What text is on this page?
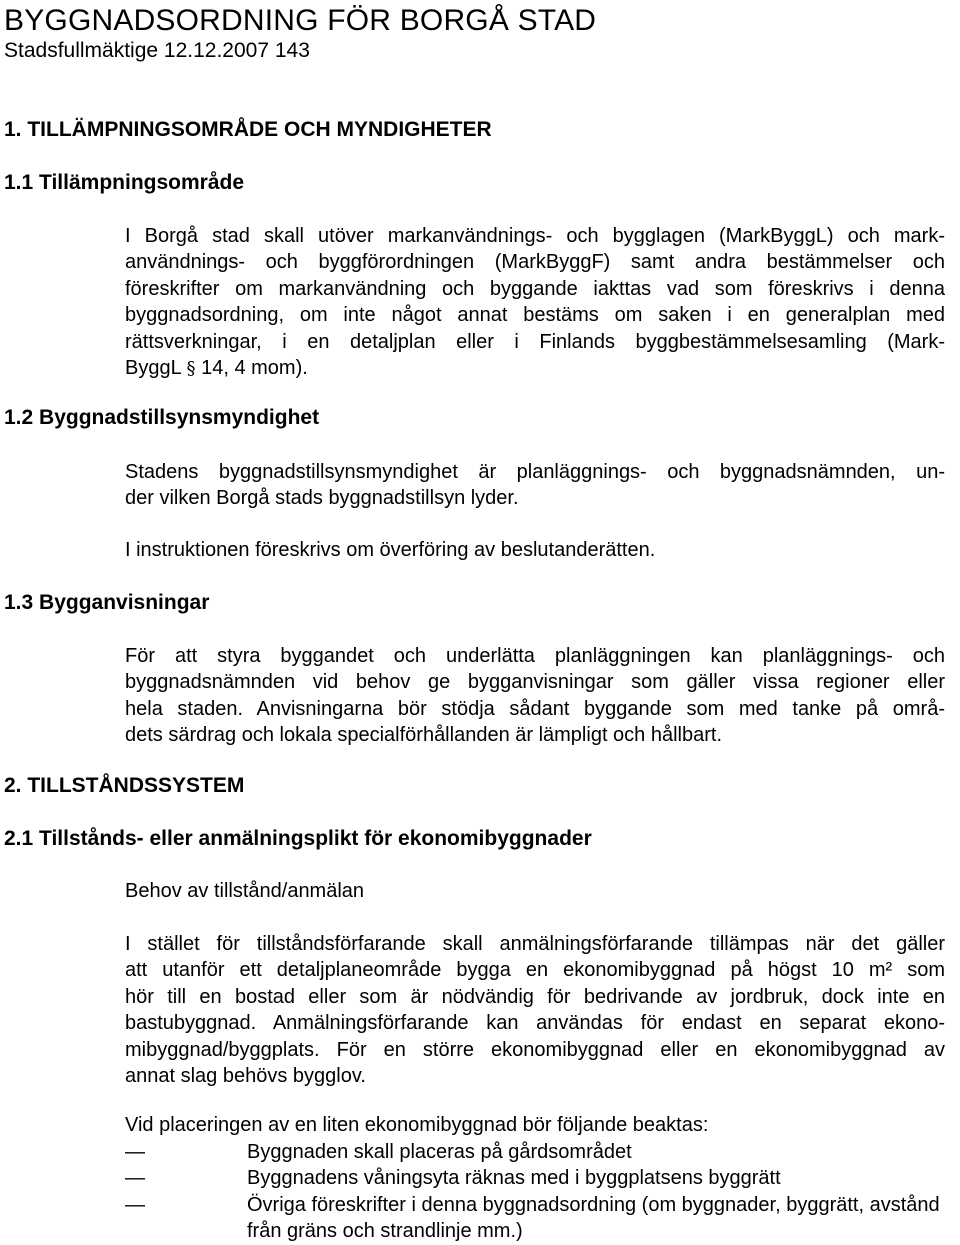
BYGGNADSORDNING FÖR BORGÅ STAD
Stadsfullmäktige 12.12.2007 143
1. TILLÄMPNINGSOMRÅDE OCH MYNDIGHETER
1.1 Tillämpningsområde
I Borgå stad skall utöver markanvändnings- och bygglagen (MarkByggL) och mark-
användnings- och byggförordningen (MarkByggF) samt andra bestämmelser och
föreskrifter om markanvändning och byggande iakttas vad som föreskrivs i denna
byggnadsordning, om inte något annat bestäms om saken i en generalplan med
rättsverkningar, i en detaljplan eller i Finlands byggbestämmelsesamling (Mark-
ByggL § 14, 4 mom).
1.2 Byggnadstillsynsmyndighet
Stadens byggnadstillsynsmyndighet är planläggnings- och byggnadsnämnden, un-
der vilken Borgå stads byggnadstillsyn lyder.
I instruktionen föreskrivs om överföring av beslutanderätten.
1.3 Bygganvisningar
För att styra byggandet och underlätta planläggningen kan planläggnings- och
byggnadsnämnden vid behov ge bygganvisningar som gäller vissa regioner eller
hela staden. Anvisningarna bör stödja sådant byggande som med tanke på områ-
dets särdrag och lokala specialförhållanden är lämpligt och hållbart.
2. TILLSTÅNDSSYSTEM
2.1 Tillstånds- eller anmälningsplikt för ekonomibyggnader
Behov av tillstånd/anmälan
I stället för tillståndsförfarande skall anmälningsförfarande tillämpas när det gäller
att utanför ett detaljplaneområde bygga en ekonomibyggnad på högst 10 m² som
hör till en bostad eller som är nödvändig för bedrivande av jordbruk, dock inte en
bastubyggnad. Anmälningsförfarande kan användas för endast en separat ekono-
mibyggnad/byggplats. För en större ekonomibyggnad eller en ekonomibyggnad av
annat slag behövs bygglov.
Vid placeringen av en liten ekonomibyggnad bör följande beaktas:
—	Byggnaden skall placeras på gårdsområdet
—	Byggnadens våningsyta räknas med i byggplatsens byggrätt
—	Övriga föreskrifter i denna byggnadsordning (om byggnader, byggrätt, avstånd från gräns och strandlinje mm.)
